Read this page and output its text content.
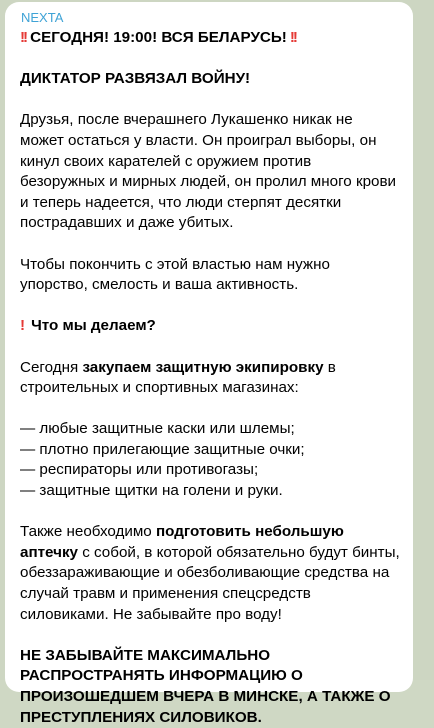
NEXTA

!! СЕГОДНЯ! 19:00! ВСЯ БЕЛАРУСЬ! !!

ДИКТАТОР РАЗВЯЗАЛ ВОЙНУ!

Друзья, после вчерашнего Лукашенко никак не может остаться у власти. Он проиграл выборы, он кинул своих карателей с оружием против безоружных и мирных людей, он пролил много крови и теперь надеется, что люди стерпят десятки пострадавших и даже убитых.

Чтобы покончить с этой властью нам нужно упорство, смелость и ваша активность.

! Что мы делаем?

Сегодня закупаем защитную экипировку в строительных и спортивных магазинах:

— любые защитные каски или шлемы;

— плотно прилегающие защитные очки;

— респираторы или противогазы;

— защитные щитки на голени и руки.

Также необходимо подготовить небольшую аптечку с собой, в которой обязательно будут бинты, обеззараживающие и обезболивающие средства на случай травм и применения спецсредств силовиками. Не забывайте про воду!

НЕ ЗАБЫВАЙТЕ МАКСИМАЛЬНО РАСПРОСТРАНЯТЬ ИНФОРМАЦИЮ О ПРОИЗОШЕДШЕМ ВЧЕРА В МИНСКЕ, А ТАКЖЕ О ПРЕСТУПЛЕНИЯХ СИЛОВИКОВ.
